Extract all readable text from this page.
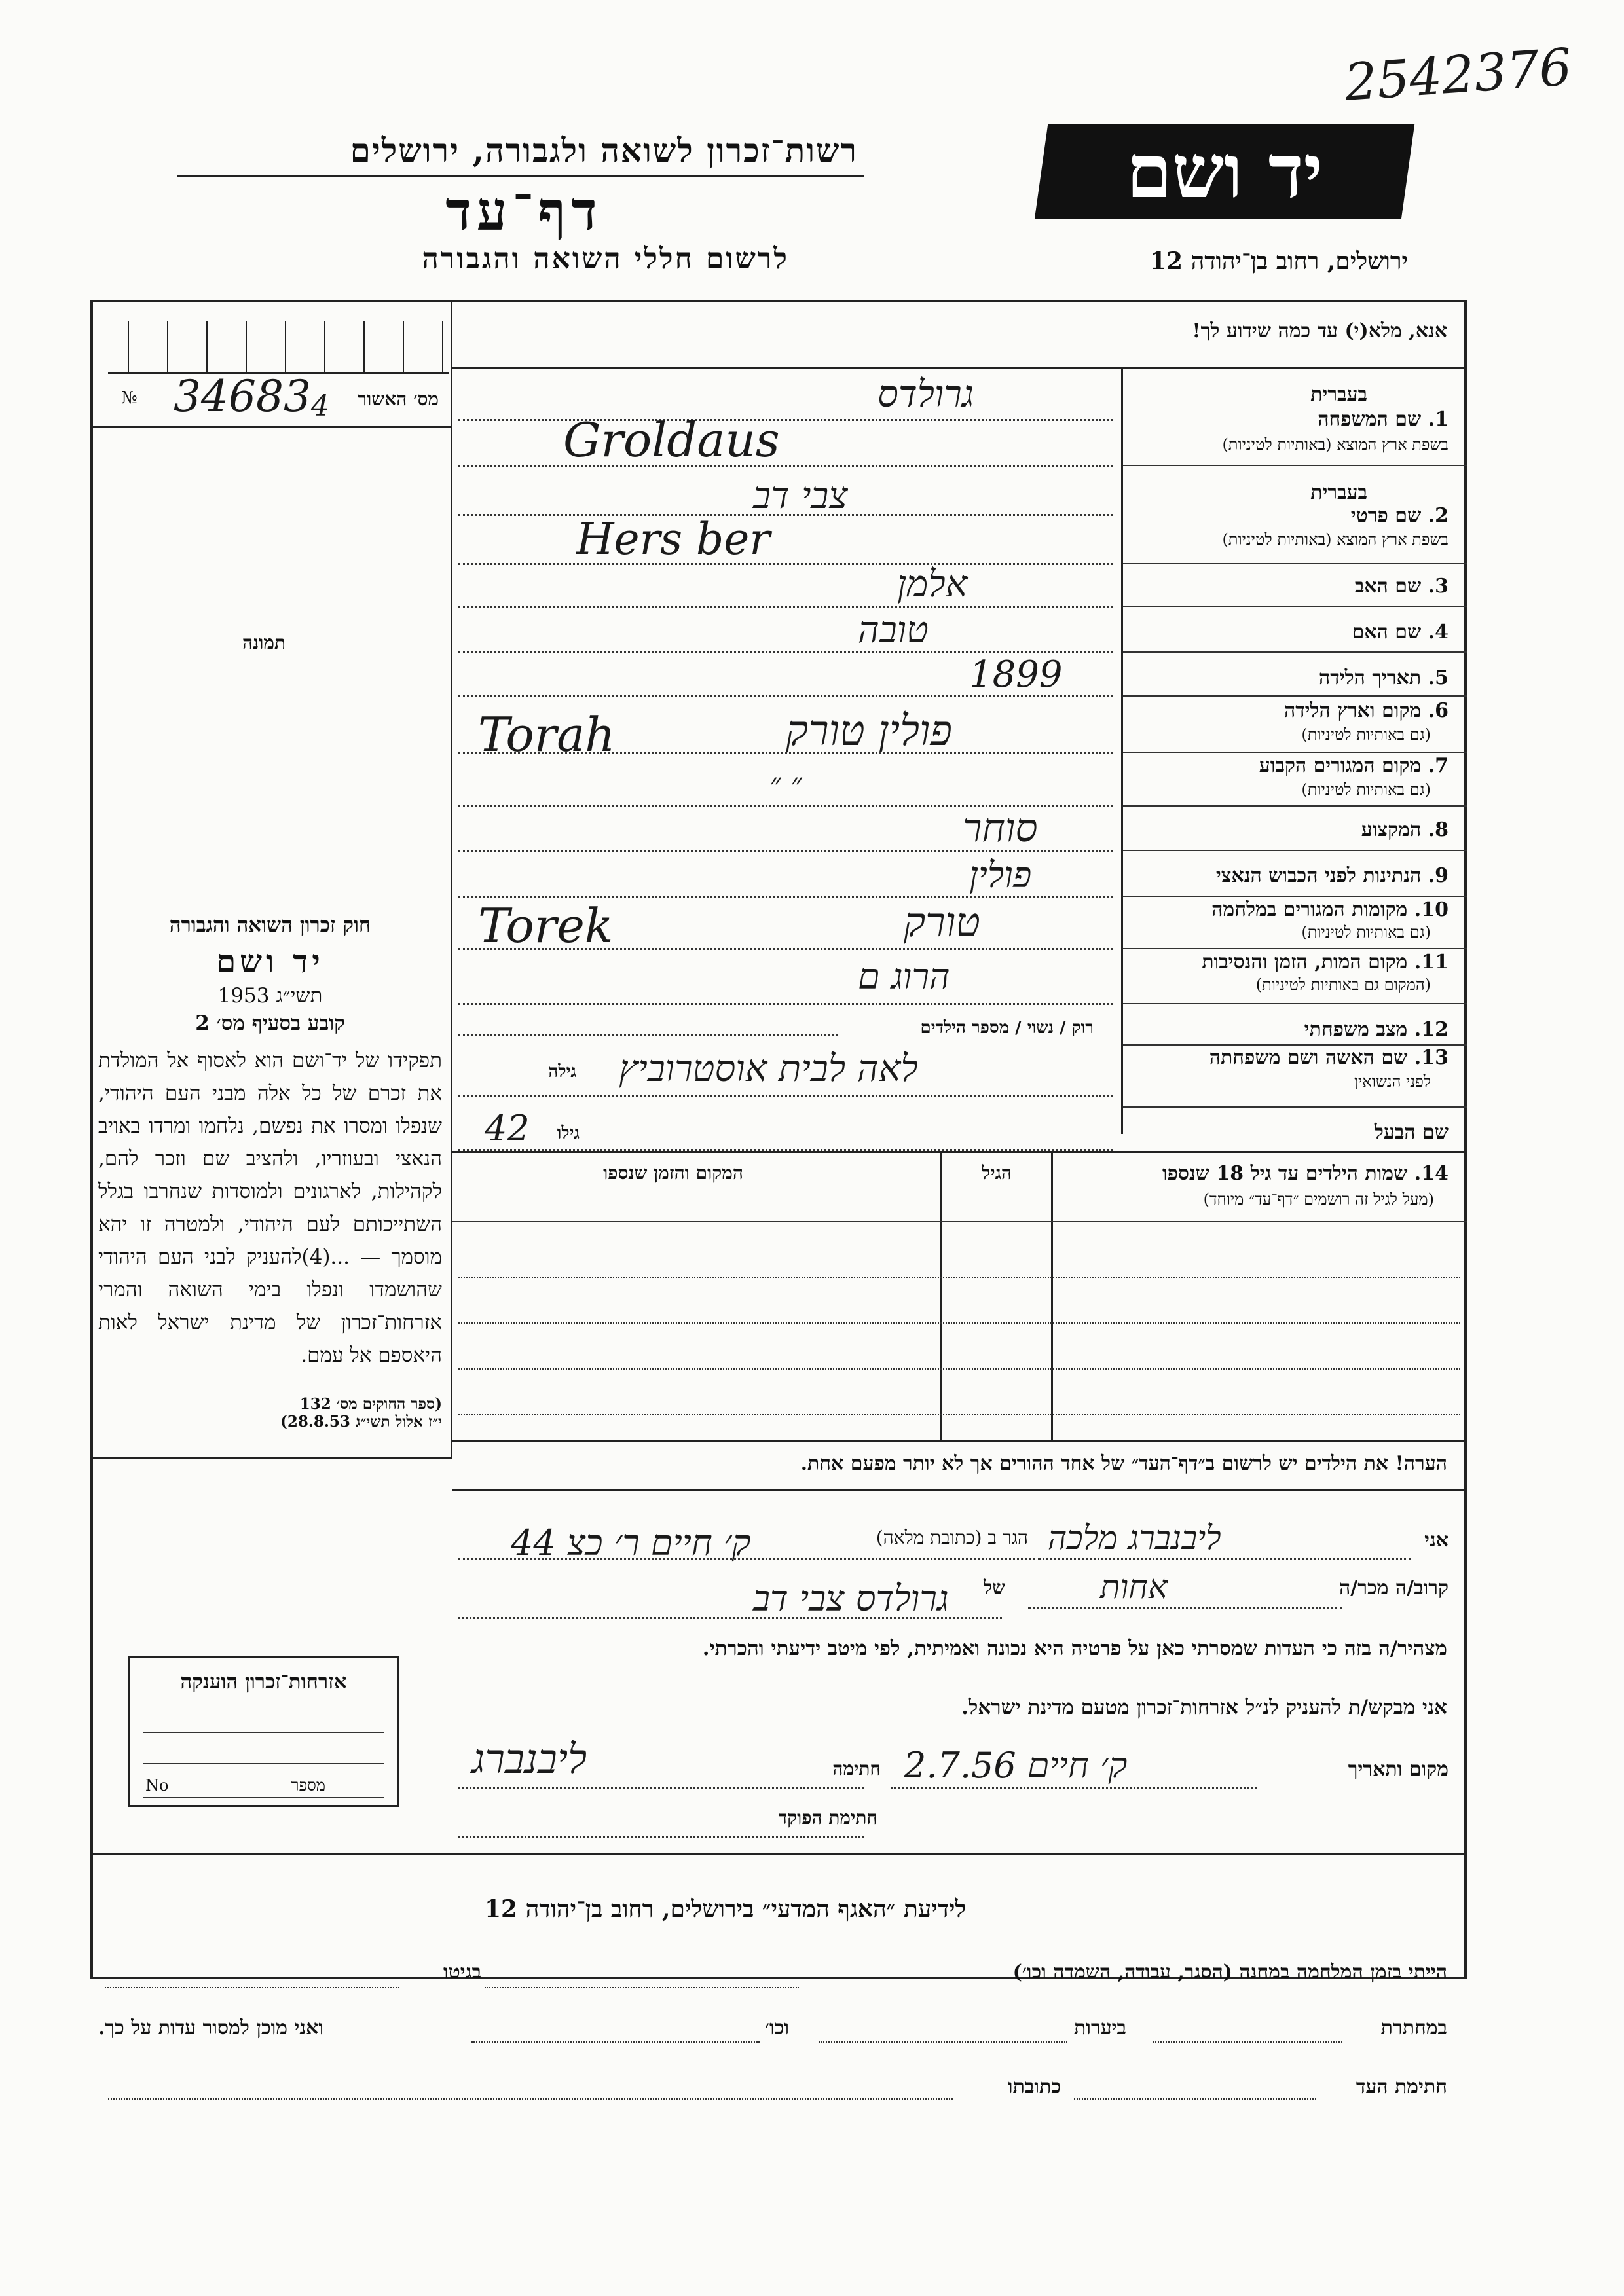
2542376
רשות־זכרון לשואה ולגבורה, ירושלים
דף־עד
לרשום חללי השואה והגבורה
יד ושם
ירושלים, רחוב בן־יהודה 12
№ 34683 4 מס׳ האשור
תמונה
חוק זכרון השואה והגבורה
יד ושם
תשי״ג 1953
קובע בסעיף מס׳ 2
תפקידו של יד־ושם הוא לאסוף אל המולדת את זכרם של כל אלה מבני העם היהודי, שנפלו ומסרו את נפשם, נלחמו ומרדו באויב הנאצי ובעוזריו, ולהציב שם וזכר להם, לקהילות, לארגונים ולמוסדות שנחרבו בגלל השתייכותם לעם היהודי, ולמטרה זו יהא מוסמך — ...(4)להעניק לבני העם היהודי שהושמדו ונפלו בימי השואה והמרי אזרחות־זכרון של מדינת ישראל לאות היאספם אל עמם.
(ספר החוקים מס׳ 132
י״ז אלול תשי״ג 28.8.53)
אזרחות־זכרון הוענקה
No	מספר
אנא, מלא(י) עד כמה שידוע לך!
בעברית
1. שם המשפחה
בשפת ארץ המוצא (באותיות לטיניות)
גרולדס
Groldaus
בעברית
2. שם פרטי
בשפת ארץ המוצא (באותיות לטיניות)
צבי דב
Hers ber
3. שם האב
אלמן
4. שם האם
טובה
5. תאריך הלידה
1899
6. מקום וארץ הלידה
(גם באותיות לטיניות)
פולין טורק
Torah
7. מקום המגורים הקבוע
(גם באותיות לטיניות)
״ ״
8. המקצוע
סוחר
9. הנתינות לפני הכבוש הנאצי
פולין
10. מקומות המגורים במלחמה
(גם באותיות לטיניות)
טורק
Torek
11. מקום המות, הזמן והנסיבות
(המקום גם באותיות לטיניות)
הרוג ם
12. מצב משפחתי
רוק / נשוי / מספר הילדים
13. שם האשה ושם משפחתה
לפני הנשואין
לאה לבית אוסטרוביץ
גילה
שם הבעל
גילו
42
14. שמות הילדים עד גיל 18 שנספו
(מעל לגיל זה רושמים ״דף־עד״ מיוחד)
הגיל
המקום והזמן שנספו
הערה! את הילדים יש לרשום ב״דף־העד״ של אחד ההורים אך לא יותר מפעם אחת.
אני
ליבנברג מלכה
הגר ב (כתובת מלאה)
ק׳ חיים ר׳ כצ 44
קרוב/ה מכר/ה
אחות
של
גרולדס צבי דב
מצהיר/ה בזה כי העדות שמסרתי כאן על פרטיה היא נכונה ואמיתית, לפי מיטב ידיעתי והכרתי.
אני מבקש/ת להעניק לנ״ל אזרחות־זכרון מטעם מדינת ישראל.
מקום ותאריך
ק׳ חיים 2.7.56
חתימה
ליבנברג
חתימת הפוקד
לידיעת ״האגף המדעי״ בירושלים, רחוב בן־יהודה 12
הייתי בזמן המלחמה במחנה (הסגר, עבודה, השמדה וכו׳)
בגיטו
במחתרת
ביערות
וכו׳
ואני מוכן למסור עדות על כך.
חתימת העד
כתובתו
